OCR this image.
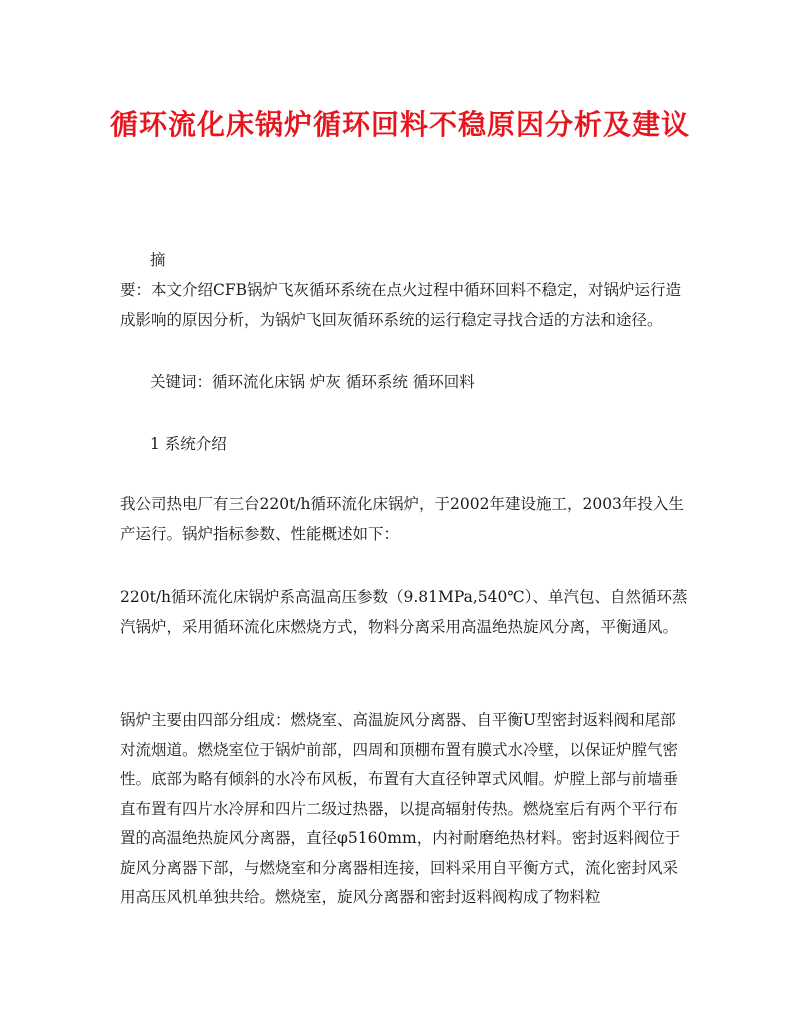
循环流化床锅炉循环回料不稳原因分析及建议

摘

要：本文介绍CFB锅炉飞灰循环系统在点火过程中循环回料不稳定，对锅炉运行造成影响的原因分析，为锅炉飞回灰循环系统的运行稳定寻找合适的方法和途径。

关键词：循环流化床锅 炉灰 循环系统 循环回料

1 系统介绍

我公司热电厂有三台220t/h循环流化床锅炉，于2002年建设施工，2003年投入生产运行。锅炉指标参数、性能概述如下：

220t/h循环流化床锅炉系高温高压参数（9.81MPa,540℃）、单汽包、自然循环蒸汽锅炉，采用循环流化床燃烧方式，物料分离采用高温绝热旋风分离，平衡通风。

锅炉主要由四部分组成：燃烧室、高温旋风分离器、自平衡U型密封返料阀和尾部对流烟道。燃烧室位于锅炉前部，四周和顶棚布置有膜式水冷壁，以保证炉膛气密性。底部为略有倾斜的水冷布风板，布置有大直径钟罩式风帽。炉膛上部与前墙垂直布置有四片水冷屏和四片二级过热器，以提高辐射传热。燃烧室后有两个平行布置的高温绝热旋风分离器，直径φ5160mm，内衬耐磨绝热材料。密封返料阀位于旋风分离器下部，与燃烧室和分离器相连接，回料采用自平衡方式，流化密封风采用高压风机单独共给。燃烧室，旋风分离器和密封返料阀构成了物料粒
